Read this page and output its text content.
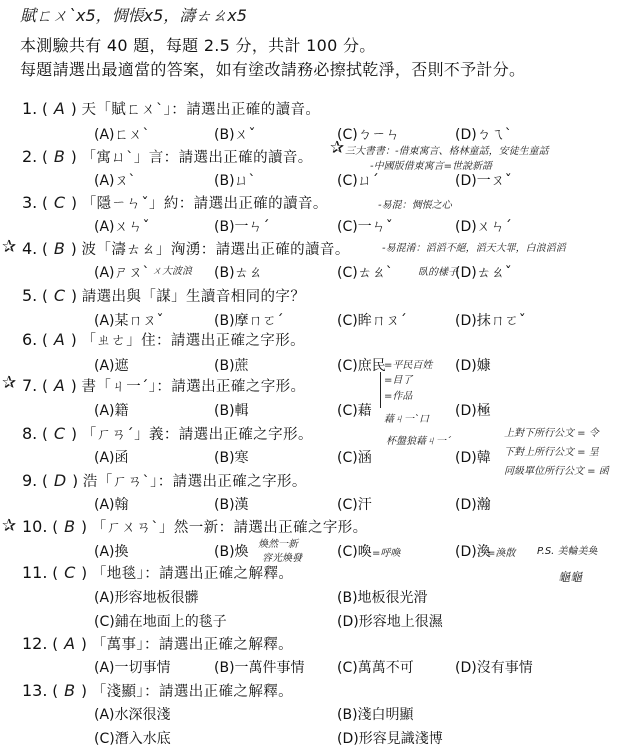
賦ㄈㄨˋx5，惆悵x5，濤ㄊㄠx5
本測驗共有 40 題，每題 2.5 分，共計 100 分。
每題請選出最適當的答案，如有塗改請務必擦拭乾淨，否則不予計分。
✰
✰
✰
✰
1. ( A ) 天「賦ㄈㄨˋ」：請選出正確的讀音。
(A)ㄈㄨˋ	(B)ㄨˇ	(C)ㄅㄧㄣ	(D)ㄅㄟˋ
2. ( B ) 「寓ㄩˋ」言：請選出正確的讀音。
(A)ㄡˋ	(B)ㄩˋ	(C)ㄩˊ	(D)一ㄡˇ
3. ( C ) 「隱ㄧㄣˇ」約：請選出正確的讀音。
(A)ㄨㄣˇ	(B)一ㄣˊ	(C)一ㄣˇ	(D)ㄨㄣˊ
4. ( B ) 波「濤ㄊㄠ」洶湧：請選出正確的讀音。
(A)ㄕㄡˋ	(B)ㄊㄠ	(C)ㄊㄠˋ	(D)ㄊㄠˇ
5. ( C ) 請選出與「謀」生讀音相同的字？
(A)某ㄇㄡˇ	(B)摩ㄇㄛˊ	(C)眸ㄇㄡˊ	(D)抹ㄇㄛˇ
6. ( A ) 「ㄓㄜ」住：請選出正確之字形。
(A)遮	(B)蔗	(C)庶民	(D)嫝
7. ( A ) 書「ㄐ一ˊ」：請選出正確之字形。
(A)籍	(B)輯	(C)藉	(D)極
8. ( C ) 「ㄏㄢˊ」義：請選出正確之字形。
(A)函	(B)寒	(C)涵	(D)韓
9. ( D ) 浩「ㄏㄢˋ」：請選出正確之字形。
(A)翰	(B)漢	(C)汗	(D)瀚
10. ( B ) 「ㄏㄨㄢˋ」然一新：請選出正確之字形。
(A)換	(B)煥	(C)喚	(D)渙
11. ( C ) 「地毯」：請選出正確之解釋。
(A)形容地板很髒	(B)地板很光滑
(C)鋪在地面上的毯子	(D)形容地上很濕
12. ( A ) 「萬事」：請選出正確之解釋。
(A)一切事情	(B)一萬件事情 (C)萬萬不可	(D)沒有事情
13. ( B ) 「淺顯」：請選出正確之解釋。
(A)水深很淺	(B)淺白明顯
(C)潛入水底	(D)形容見識淺博
三大書書：-借東寓言、格林童話，安徒生童話
-中國版借東寓言=世說新語
-易混：惆悵之心
-易混淆：滔滔不絕，滔天大罪，白浪滔滔
ㄨ大波浪	臥的樣子
=平民百姓
=目了
=作品
藉ㄐ一ˋ口
杯盤狼藉ㄐ一ˊ
上對下所行公文 = 令
下對上所行公文 = 呈
同級單位所行公文 = 函
煥然一新
容光煥發	=呼喚	=渙散 P.S. 美輪美奐
龜龜
